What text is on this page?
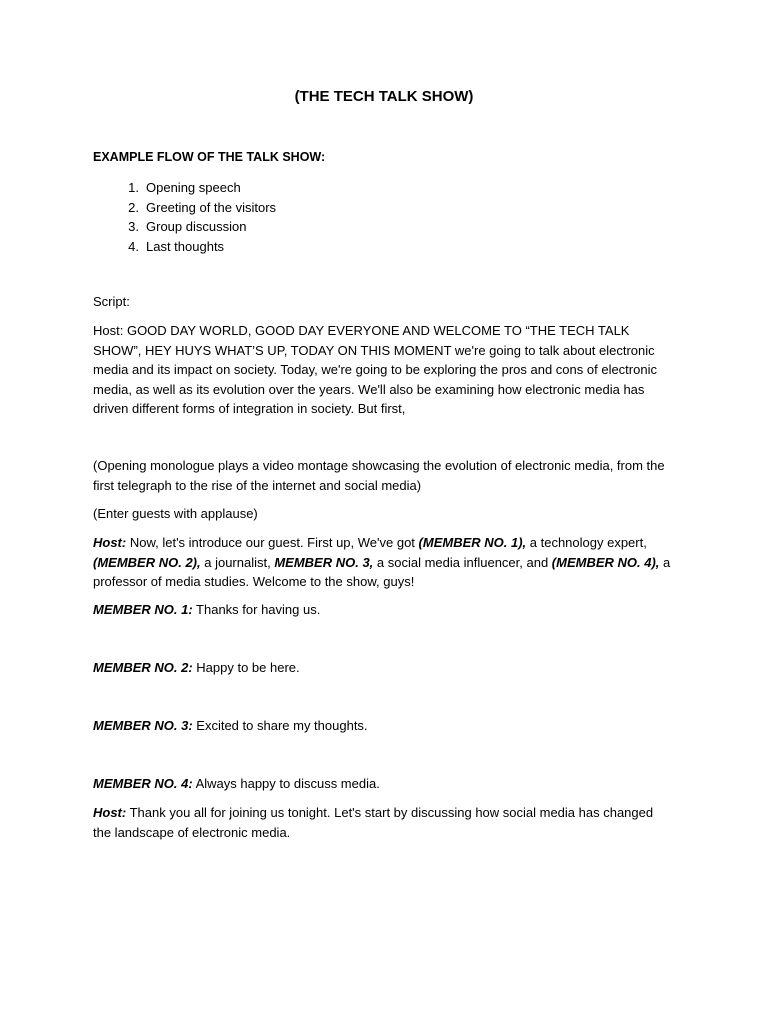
(THE TECH TALK SHOW)

EXAMPLE FLOW OF THE TALK SHOW:

1. Opening speech
2. Greeting of the visitors
3. Group discussion
4. Last thoughts

Script:

Host: GOOD DAY WORLD, GOOD DAY EVERYONE AND WELCOME TO “THE TECH TALK SHOW”, HEY HUYS WHAT’S UP, TODAY ON THIS MOMENT we're going to talk about electronic media and its impact on society. Today, we're going to be exploring the pros and cons of electronic media, as well as its evolution over the years. We'll also be examining how electronic media has driven different forms of integration in society. But first,

(Opening monologue plays a video montage showcasing the evolution of electronic media, from the first telegraph to the rise of the internet and social media)

(Enter guests with applause)

Host: Now, let's introduce our guest. First up, We've got (MEMBER NO. 1), a technology expert, (MEMBER NO. 2), a journalist, MEMBER NO. 3, a social media influencer, and (MEMBER NO. 4), a professor of media studies. Welcome to the show, guys!

MEMBER NO. 1: Thanks for having us.

MEMBER NO. 2: Happy to be here.

MEMBER NO. 3: Excited to share my thoughts.

MEMBER NO. 4: Always happy to discuss media.

Host: Thank you all for joining us tonight. Let's start by discussing how social media has changed the landscape of electronic media.
